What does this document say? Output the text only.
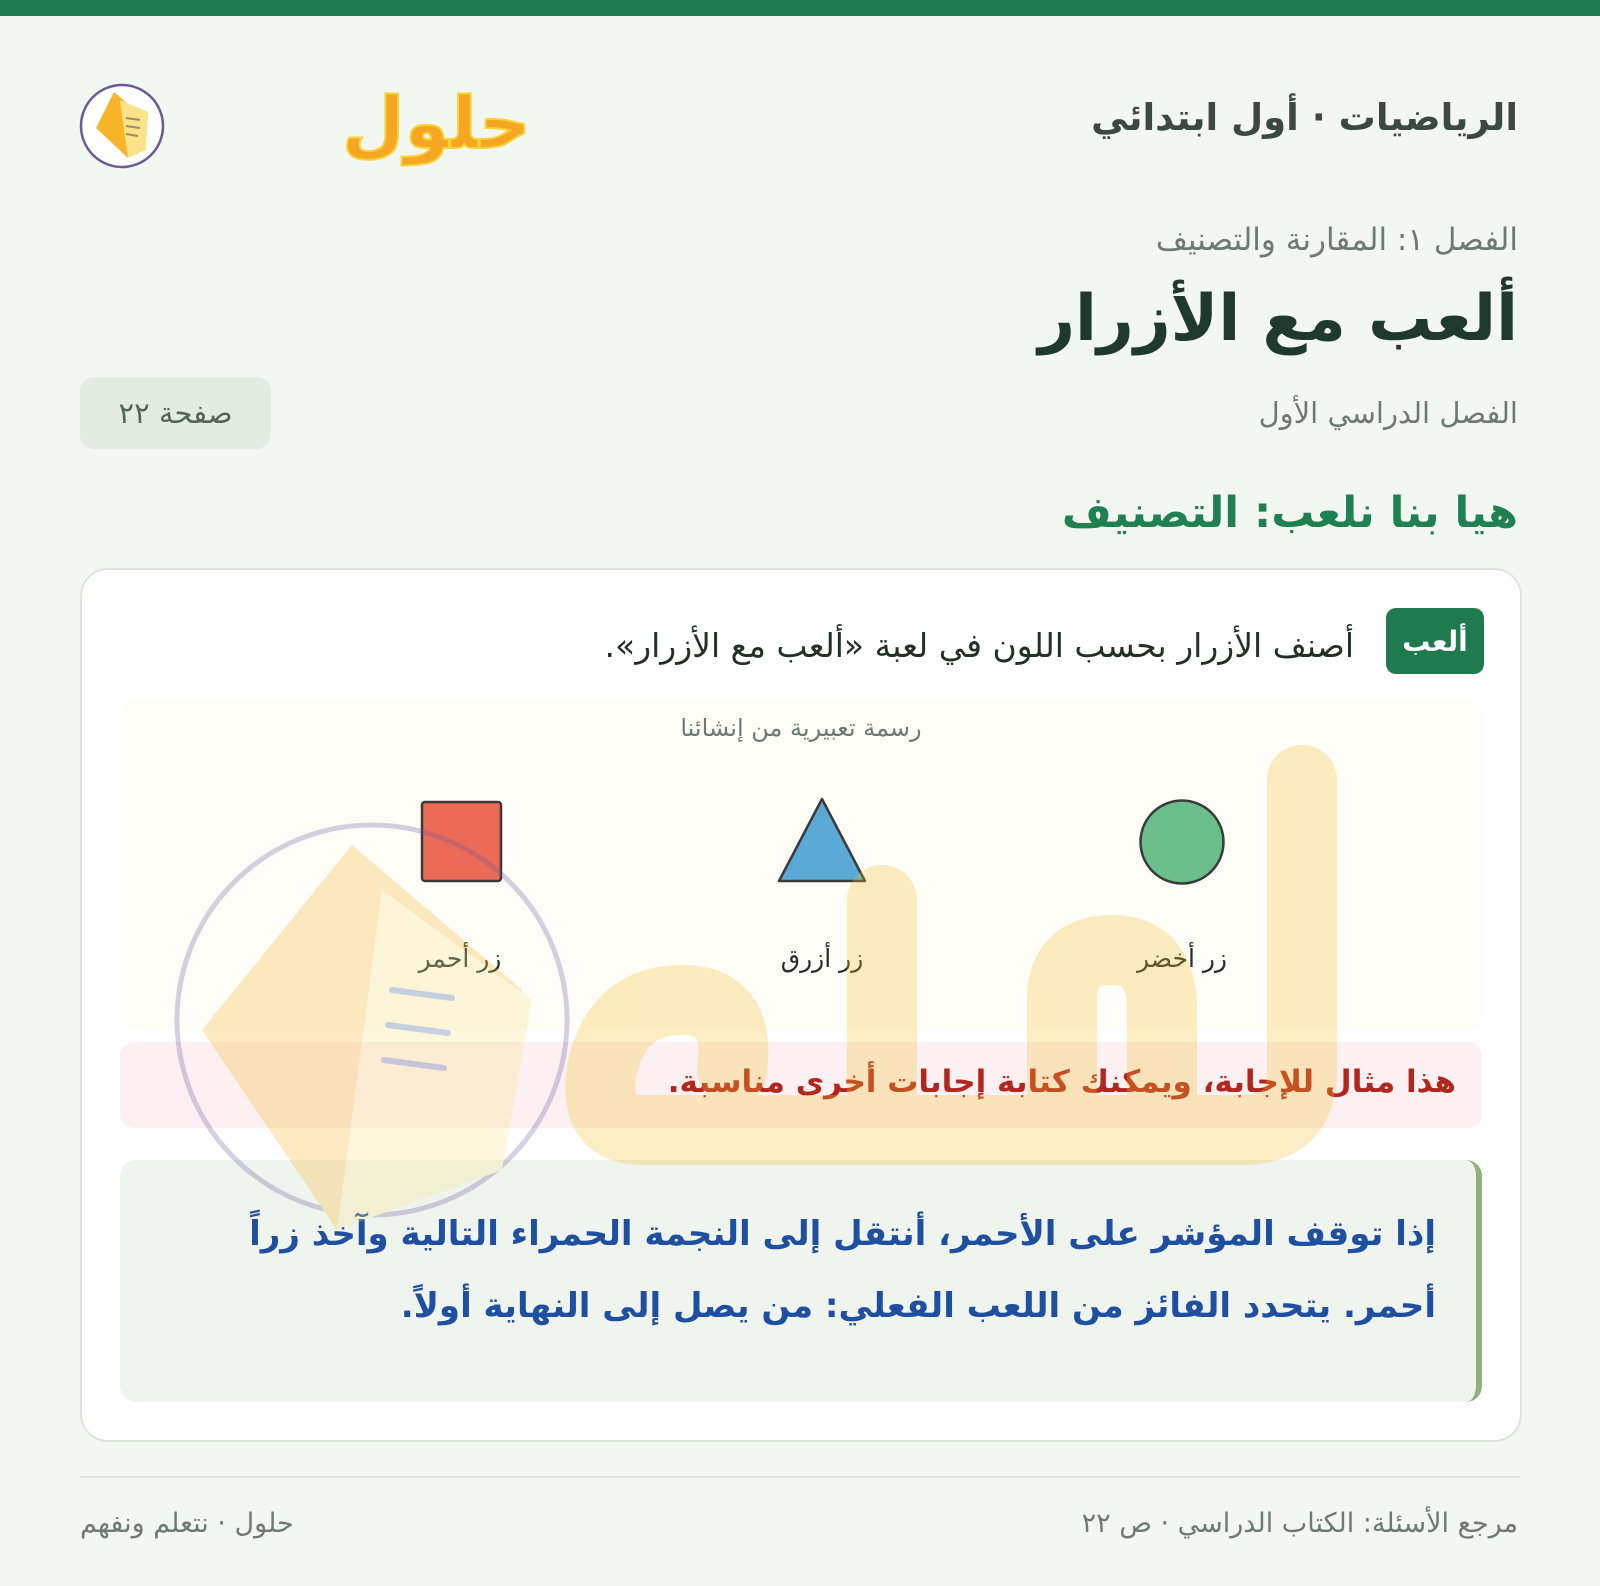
الرياضيات · أول ابتدائي
حلول
الفصل ١: المقارنة والتصنيف
ألعب مع الأزرار
الفصل الدراسي الأول
صفحة ٢٢
هيا بنا نلعب: التصنيف
رسمة تعبيرية من إنشائنا
زر أحمر	زر أزرق	زر أخضر
هذا مثال للإجابة، ويمكنك كتابة إجابات أخرى مناسبة.
إذا توقف المؤشر على الأحمر، أنتقل إلى النجمة الحمراء التالية وآخذ زراً أحمر. يتحدد الفائز من اللعب الفعلي: من يصل إلى النهاية أولاً.
ألعب
أصنف الأزرار بحسب اللون في لعبة «ألعب مع الأزرار».
مرجع الأسئلة: الكتاب الدراسي · ص ٢٢
حلول · نتعلم ونفهم
